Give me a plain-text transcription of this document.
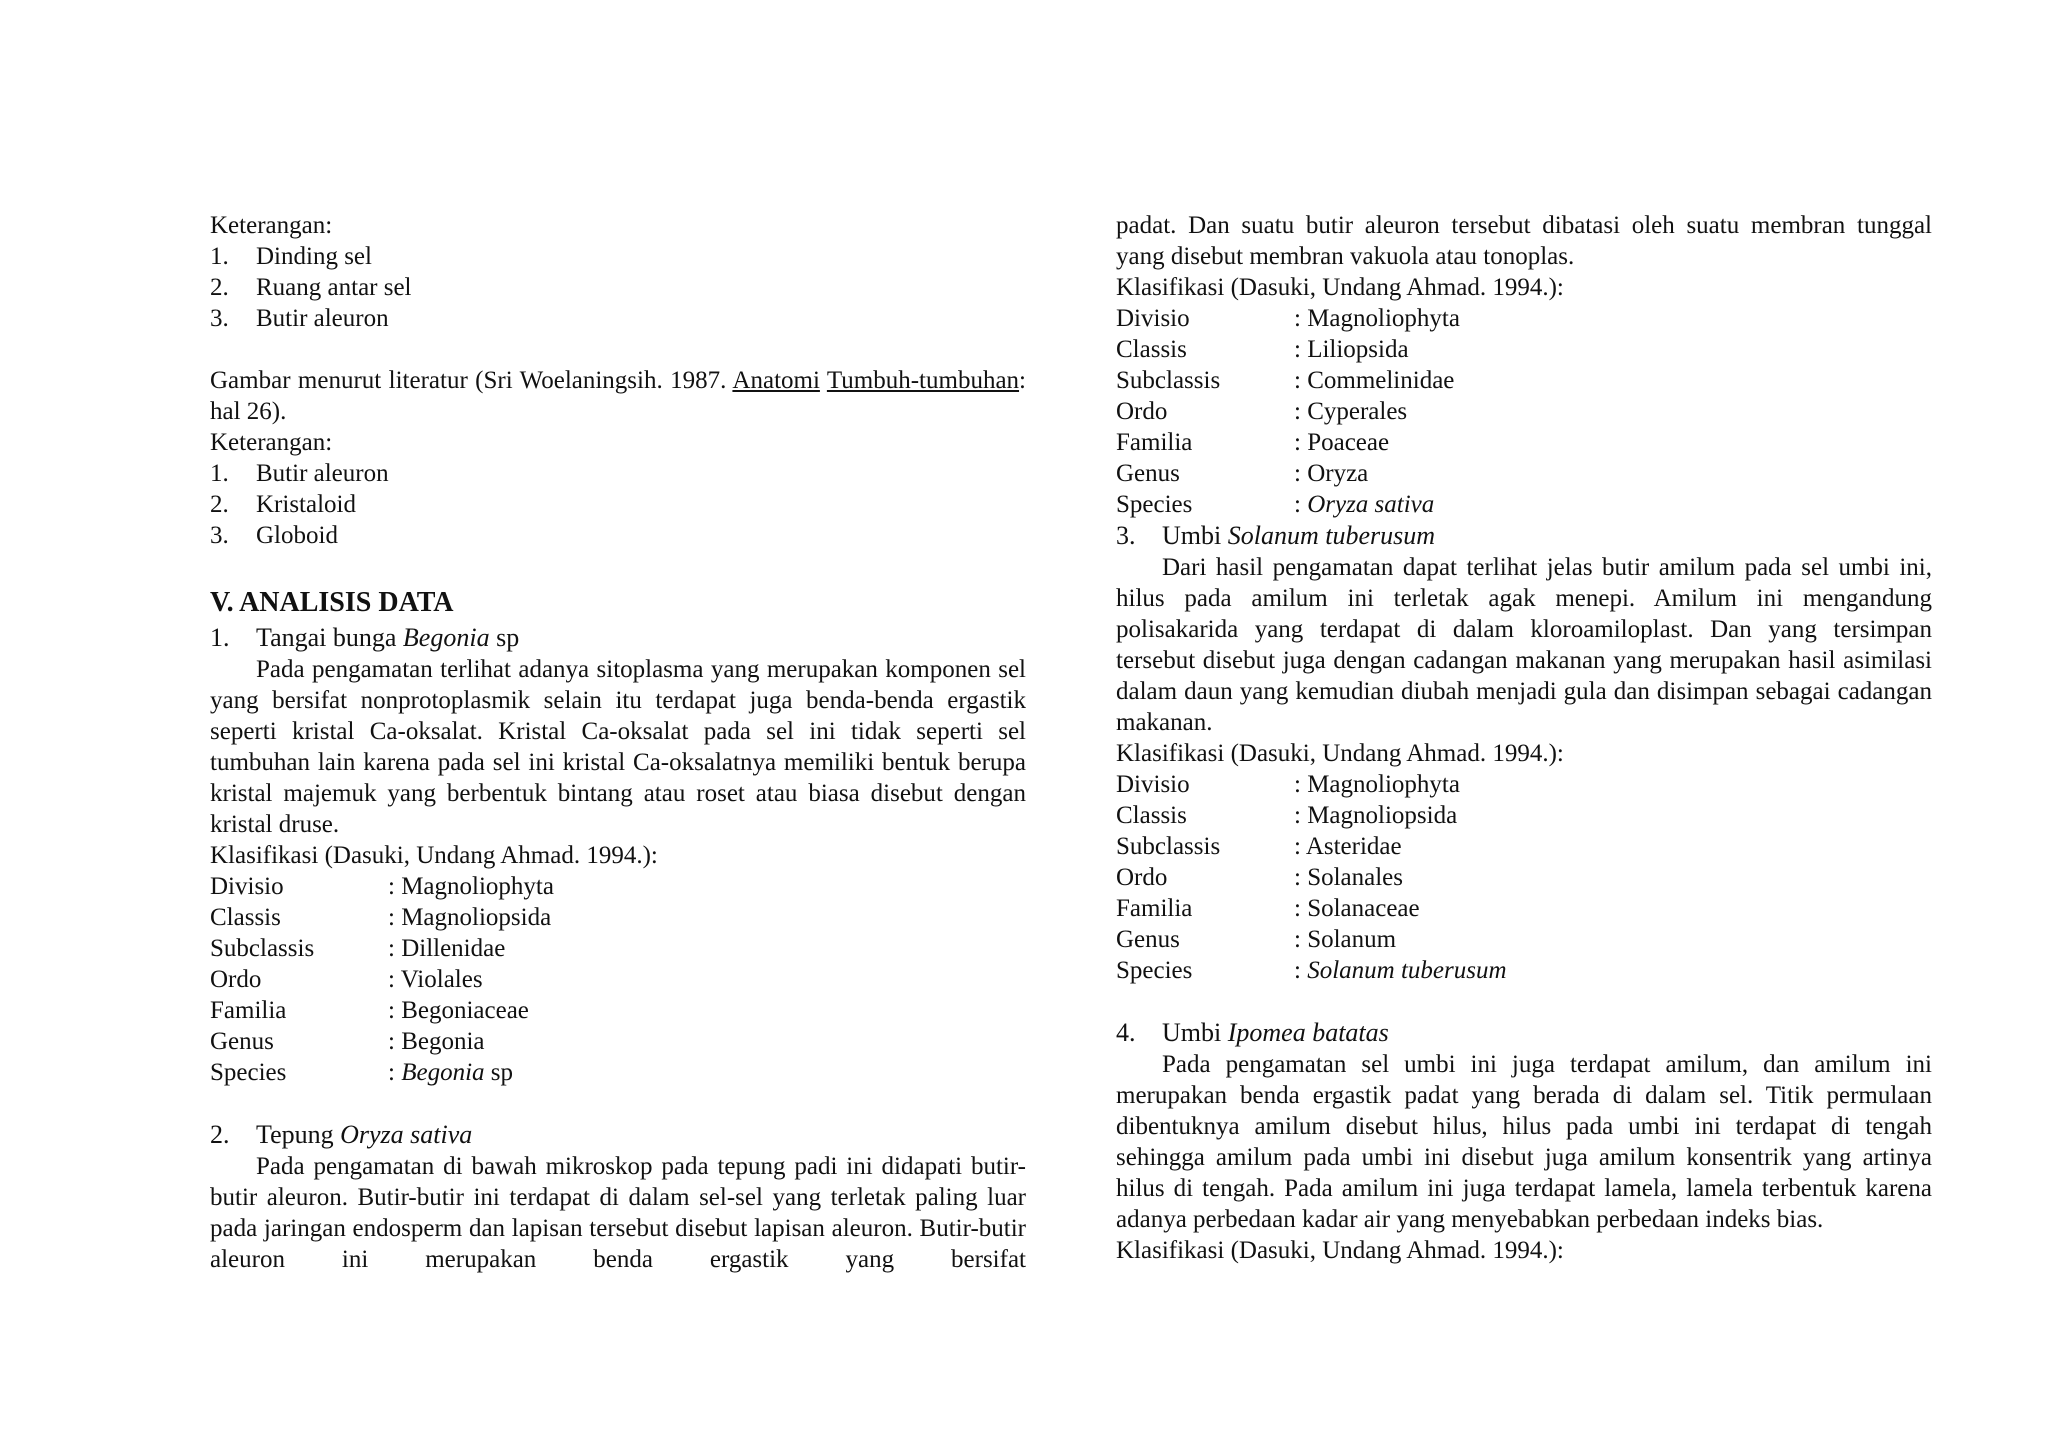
Keterangan:

1.	Dinding sel
2.	Ruang antar sel
3.	Butir aleuron

Gambar menurut literatur (Sri Woelaningsih. 1987. Anatomi Tumbuh-tumbuhan: hal 26).

Keterangan:

1.	Butir aleuron
2.	Kristaloid
3.	Globoid

V. ANALISIS DATA

1.	Tangai bunga Begonia sp

Pada pengamatan terlihat adanya sitoplasma yang merupakan komponen sel yang bersifat nonprotoplasmik selain itu terdapat juga benda-benda ergastik seperti kristal Ca-oksalat. Kristal Ca-oksalat pada sel ini tidak seperti sel tumbuhan lain karena pada sel ini kristal Ca-oksalatnya memiliki bentuk berupa kristal majemuk yang berbentuk bintang atau roset atau biasa disebut dengan kristal druse.

Klasifikasi (Dasuki, Undang Ahmad. 1994.):

Divisio	: Magnoliophyta
Classis	: Magnoliopsida
Subclassis	: Dillenidae
Ordo	: Violales
Familia	: Begoniaceae
Genus	: Begonia
Species	: Begonia sp

2.	Tepung Oryza sativa

Pada pengamatan di bawah mikroskop pada tepung padi ini didapati butir-butir aleuron. Butir-butir ini terdapat di dalam sel-sel yang terletak paling luar pada jaringan endosperm dan lapisan tersebut disebut lapisan aleuron. Butir-butir aleuron ini merupakan benda ergastik yang bersifat

padat. Dan suatu butir aleuron tersebut dibatasi oleh suatu membran tunggal yang disebut membran vakuola atau tonoplas.

Klasifikasi (Dasuki, Undang Ahmad. 1994.):

Divisio	: Magnoliophyta
Classis	: Liliopsida
Subclassis	: Commelinidae
Ordo	: Cyperales
Familia	: Poaceae
Genus	: Oryza
Species	: Oryza sativa

3.	Umbi Solanum tuberusum

Dari hasil pengamatan dapat terlihat jelas butir amilum pada sel umbi ini, hilus pada amilum ini terletak agak menepi. Amilum ini mengandung polisakarida yang terdapat di dalam kloroamiloplast. Dan yang tersimpan tersebut disebut juga dengan cadangan makanan yang merupakan hasil asimilasi dalam daun yang kemudian diubah menjadi gula dan disimpan sebagai cadangan makanan.

Klasifikasi (Dasuki, Undang Ahmad. 1994.):

Divisio	: Magnoliophyta
Classis	: Magnoliopsida
Subclassis	: Asteridae
Ordo	: Solanales
Familia	: Solanaceae
Genus	: Solanum
Species	: Solanum tuberusum

4.	Umbi Ipomea batatas

Pada pengamatan sel umbi ini juga terdapat amilum, dan amilum ini merupakan benda ergastik padat yang berada di dalam sel. Titik permulaan dibentuknya amilum disebut hilus, hilus pada umbi ini terdapat di tengah sehingga amilum pada umbi ini disebut juga amilum konsentrik yang artinya hilus di tengah. Pada amilum ini juga terdapat lamela, lamela terbentuk karena adanya perbedaan kadar air yang menyebabkan perbedaan indeks bias.

Klasifikasi (Dasuki, Undang Ahmad. 1994.):
